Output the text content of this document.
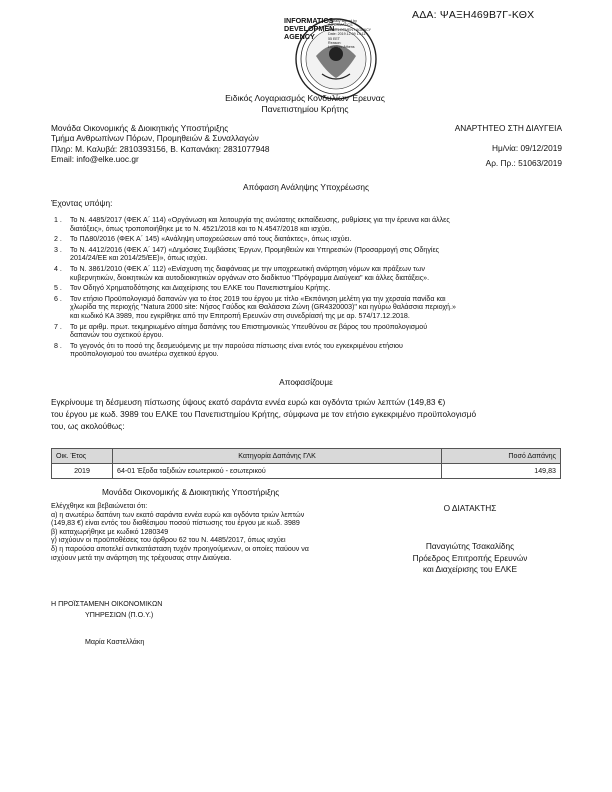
ΑΔΑ: ΨΑΞΗ469Β7Γ-ΚΘΧ
INFORMATICS
DEVELOPMEN
AGENCY
Digitally signed by
INFORMATICS
DEVELOPMENT AGENCY
Date: 2019.12.09 13:11:
55 EET
Reason:
Location: Athens
Ειδικός Λογαριασμός Κονδυλίων Έρευνας
Πανεπιστημίου Κρήτης
Μονάδα Οικονομικής & Διοικητικής Υποστήριξης
Τμήμα Ανθρωπίνων Πόρων, Προμηθειών & Συναλλαγών
Πληρ: Μ. Καλυβά: 2810393156, Β. Καπανάκη: 2831077948
Email: info@elke.uoc.gr
ΑΝΑΡΤΗΤΕΟ ΣΤΗ ΔΙΑΥΓΕΙΑ
Ημ/νία: 09/12/2019
Αρ. Πρ.: 51063/2019
Απόφαση Ανάληψης Υποχρέωσης
Έχοντας υπόψη:
1 . Το Ν. 4485/2017 (ΦΕΚ Α΄ 114) «Οργάνωση και λειτουργία της ανώτατης εκπαίδευσης, ρυθμίσεις για την έρευνα και άλλες
διατάξεις», όπως τροποποιήθηκε με το Ν. 4521/2018 και το Ν.4547/2018 και ισχύει.
2 . Το ΠΔ80/2016 (ΦΕΚ Α΄ 145) «Ανάληψη υποχρεώσεων από τους διατάκτες», όπως ισχύει.
3 . Το Ν. 4412/2016 (ΦΕΚ Α΄ 147) «Δημόσιες Συμβάσεις Έργων, Προμηθειών και Υπηρεσιών (Προσαρμογή στις Οδηγίες
2014/24/ΕΕ και 2014/25/ΕΕ)», όπως ισχύει.
4 . Το Ν. 3861/2010 (ΦΕΚ Α΄ 112) «Ενίσχυση της διαφάνειας με την υποχρεωτική ανάρτηση νόμων και πράξεων των
κυβερνητικών, διοικητικών και αυτοδιοικητικών οργάνων στο διαδίκτυο "Πρόγραμμα Διαύγεια" και άλλες διατάξεις».
5 . Τον Οδηγό Χρηματοδότησης και Διαχείρισης του ΕΛΚΕ του Πανεπιστημίου Κρήτης.
6 . Τον ετήσιο Προϋπολογισμό δαπανών για το έτος 2019 του έργου με τίτλο «Εκπόνηση μελέτη για την χερσαία πανίδα και
χλωρίδα της περιοχής "Natura 2000 site: Νήσος Γαύδος και Θαλάσσια Ζώνη (GR4320003)" και ηγύρω θαλάσσια περιοχή.»
και κωδικό ΚΑ 3989, που εγκρίθηκε από την Επιτροπή Ερευνών στη συνεδρίασή της με αρ. 574/17.12.2018.
7 . Το με αριθμ. πρωτ. τεκμηριωμένο αίτημα δαπάνης του Επιστημονικώς Υπευθύνου σε βάρος του προϋπολογισμού
δαπανών του σχετικού έργου.
8 . Το γεγονός ότι το ποσό της δεσμευόμενης με την παρούσα πίστωσης είναι εντός του εγκεκριμένου ετήσιου
προϋπολογισμού του ανωτέρω σχετικού έργου.
Αποφασίζουμε
Εγκρίνουμε τη δέσμευση πίστωσης ύψους εκατό σαράντα εννέα ευρώ και ογδόντα τριών λεπτών (149,83 €)
του έργου με κωδ. 3989 του ΕΛΚΕ του Πανεπιστημίου Κρήτης, σύμφωνα με τον ετήσιο εγκεκριμένο προϋπολογισμό
του, ως ακολούθως:
Οικ. Έτος	Κατηγορία Δαπάνης ΓΛΚ	Ποσό Δαπάνης
2019	64-01 Έξοδα ταξιδιών εσωτερικού - εσωτερικού	149,83
Μονάδα Οικονομικής & Διοικητικής Υποστήριξης
Ελέγχθηκε και βεβαιώνεται ότι:
α) η ανωτέρω δαπάνη των εκατό σαράντα εννέα ευρώ και ογδόντα τριών λεπτών
(149,83 €) είναι εντός του διαθέσιμου ποσού πίστωσης του έργου με κωδ. 3989
β) καταχωρήθηκε με κωδικό 1280349
γ) ισχύουν οι προϋποθέσεις του άρθρου 62 του Ν. 4485/2017, όπως ισχύει
δ) η παρούσα αποτελεί αντικατάσταση τυχόν προηγούμενων, οι οποίες παύουν να
ισχύουν μετά την ανάρτηση της τρέχουσας στην Διαύγεια.
Ο ΔΙΑΤΑΚΤΗΣ
Παναγιώτης Τσακαλίδης
Πρόεδρος Επιτροπής Ερευνών
και Διαχείρισης του ΕΛΚΕ
Η ΠΡΟΪΣΤΑΜΕΝΗ ΟΙΚΟΝΟΜΙΚΩΝ
ΥΠΗΡΕΣΙΩΝ (Π.Ο.Υ.)
Μαρία Καστελλάκη
